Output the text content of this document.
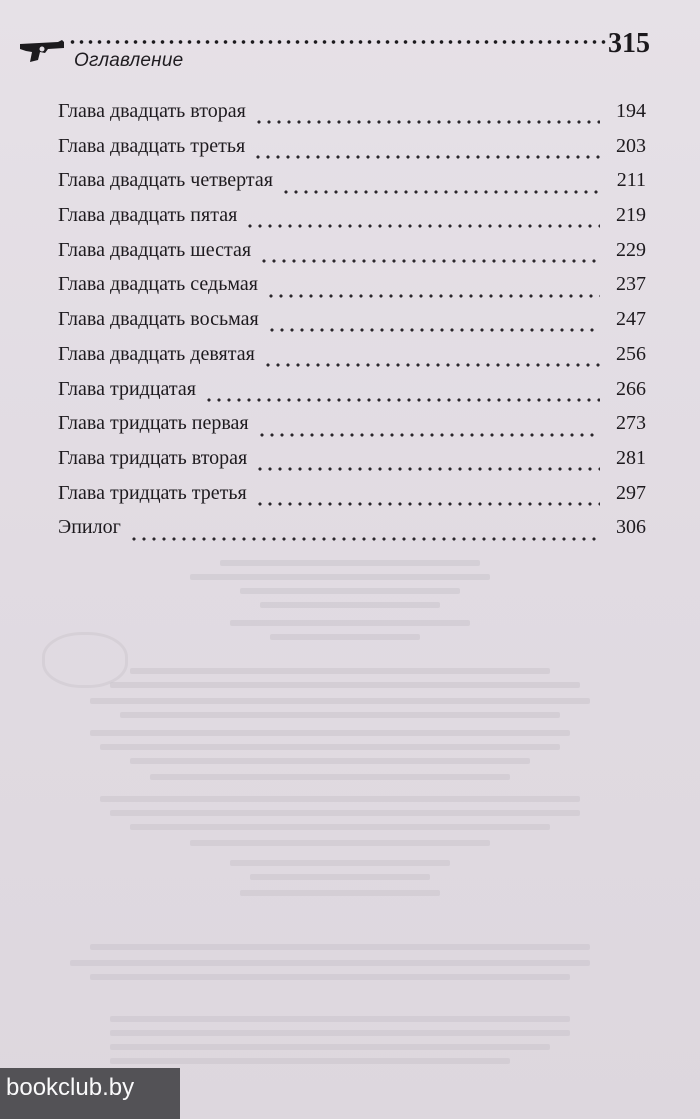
Оглавление
315
Глава двадцать вторая	194
Глава двадцать третья	203
Глава двадцать четвертая	211
Глава двадцать пятая	219
Глава двадцать шестая	229
Глава двадцать седьмая	237
Глава двадцать восьмая	247
Глава двадцать девятая	256
Глава тридцатая	266
Глава тридцать первая	273
Глава тридцать вторая	281
Глава тридцать третья	297
Эпилог	306
bookclub.by
